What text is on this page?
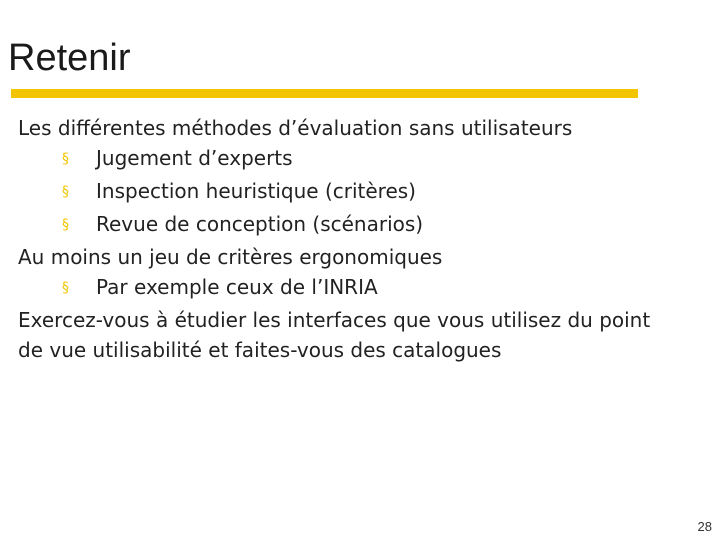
Retenir

Les différentes méthodes d’évaluation sans utilisateurs

§	Jugement d’experts

§	Inspection heuristique (critères)

§	Revue de conception (scénarios)

Au moins un jeu de critères ergonomiques

§	Par exemple ceux de l’INRIA

Exercez-vous à étudier les interfaces que vous utilisez du point

de vue utilisabilité et faites-vous des catalogues

28
